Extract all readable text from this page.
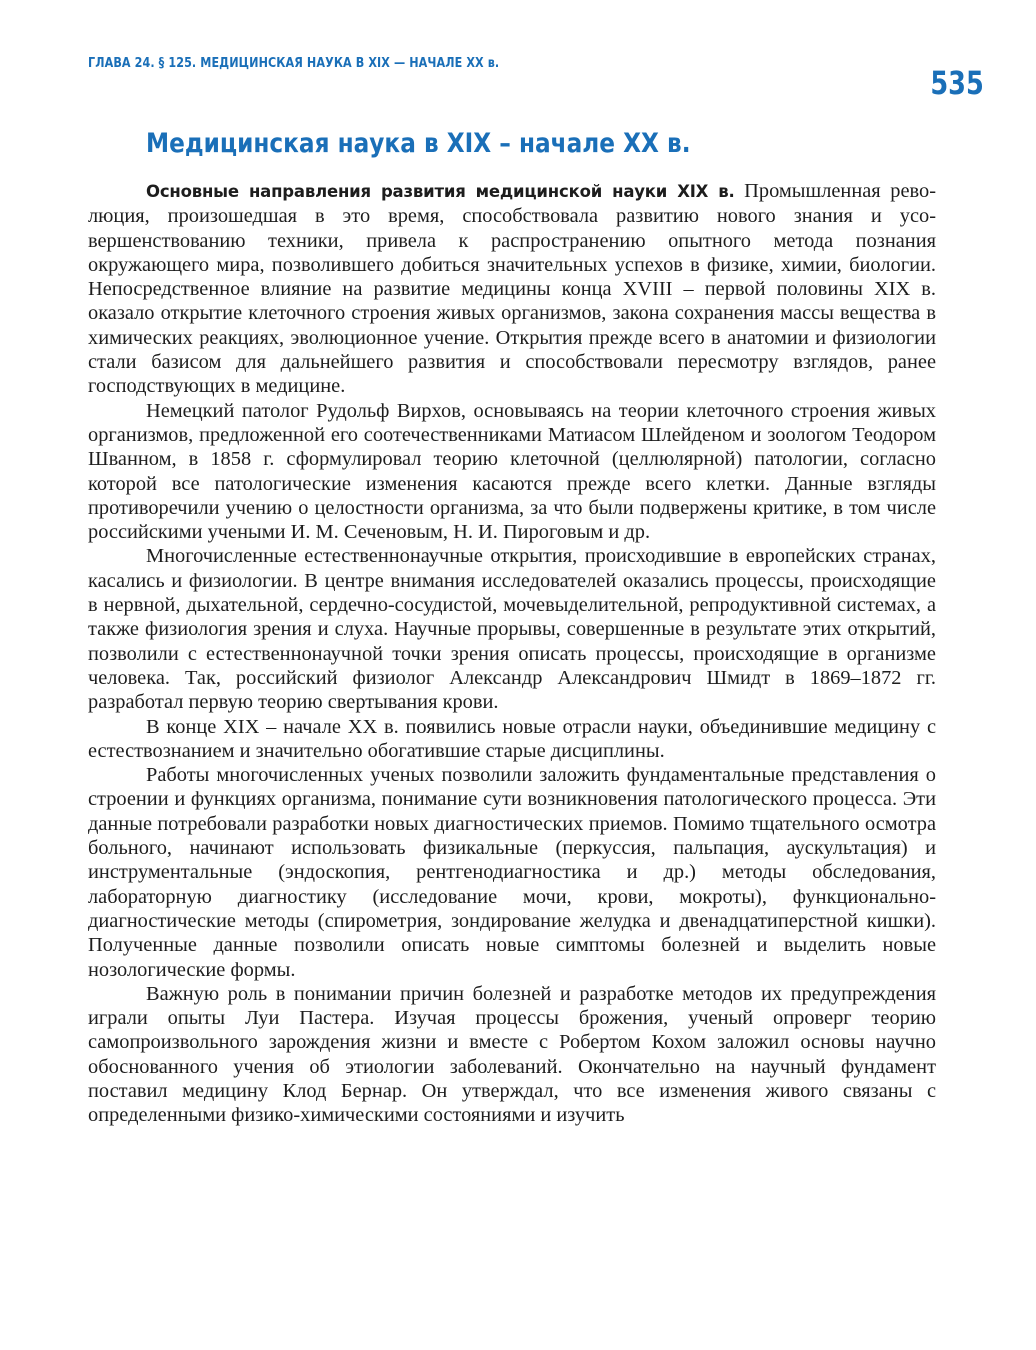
ГЛАВА 24. § 125. МЕДИЦИНСКАЯ НАУКА В XIX — НАЧАЛЕ XX в.
535
Медицинская наука в XIX – начале XX в.

Основные направления развития медицинской науки XIX в. Промышленная революция, произошедшая в это время, способствовала развитию нового знания и усовершенствованию техники, привела к распространению опытного метода познания окружающего мира, позволившего добиться значительных успехов в физике, химии, биологии. Непосредственное влияние на развитие медицины конца XVIII – первой половины XIX в. оказало открытие клеточного строения живых организмов, закона сохранения массы вещества в химических реакциях, эволюционное учение. Открытия прежде всего в анатомии и физиологии стали базисом для дальнейшего развития и способствовали пересмотру взглядов, ранее господствующих в медицине.

Немецкий патолог Рудольф Вирхов, основываясь на теории клеточного строения живых организмов, предложенной его соотечественниками Матиасом Шлейденом и зоологом Теодором Шванном, в 1858 г. сформулировал теорию клеточной (целлюлярной) патологии, согласно которой все патологические изменения касаются прежде всего клетки. Данные взгляды противоречили учению о целостности организма, за что были подвержены критике, в том числе российскими учеными И. М. Сеченовым, Н. И. Пироговым и др.

Многочисленные естественнонаучные открытия, происходившие в европейских странах, касались и физиологии. В центре внимания исследователей оказались процессы, происходящие в нервной, дыхательной, сердечно-сосудистой, мочевыделительной, репродуктивной системах, а также физиология зрения и слуха. Научные прорывы, совершенные в результате этих открытий, позволили с естественнонаучной точки зрения описать процессы, происходящие в организме человека. Так, российский физиолог Александр Александрович Шмидт в 1869–1872 гг. разработал первую теорию свертывания крови.

В конце XIX – начале XX в. появились новые отрасли науки, объединившие медицину с естествознанием и значительно обогатившие старые дисциплины.

Работы многочисленных ученых позволили заложить фундаментальные представления о строении и функциях организма, понимание сути возникновения патологического процесса. Эти данные потребовали разработки новых диагностических приемов. Помимо тщательного осмотра больного, начинают использовать физикальные (перкуссия, пальпация, аускультация) и инструментальные (эндоскопия, рентгенодиагностика и др.) методы обследования, лабораторную диагностику (исследование мочи, крови, мокроты), функционально-диагностические методы (спирометрия, зондирование желудка и двенадцатиперстной кишки). Полученные данные позволили описать новые симптомы болезней и выделить новые нозологические формы.

Важную роль в понимании причин болезней и разработке методов их предупреждения играли опыты Луи Пастера. Изучая процессы брожения, ученый опроверг теорию самопроизвольного зарождения жизни и вместе с Робертом Кохом заложил основы научно обоснованного учения об этиологии заболеваний. Окончательно на научный фундамент поставил медицину Клод Бернар. Он утверждал, что все изменения живого связаны с определенными физико-химическими состояниями и изучить
